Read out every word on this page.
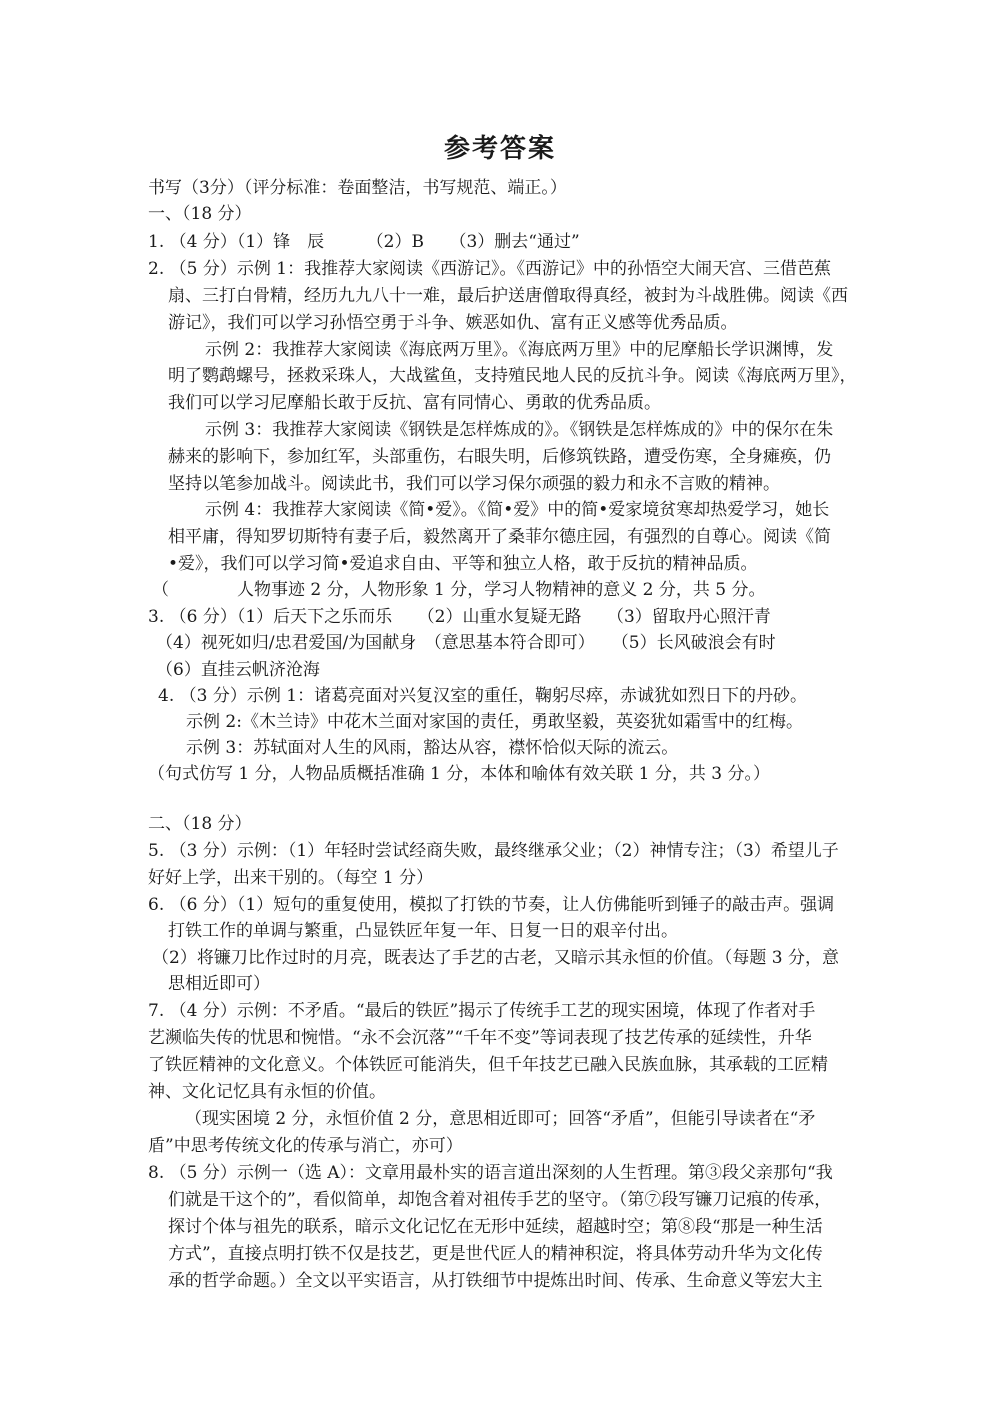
参考答案
书写（3分）（评分标准：卷面整洁，书写规范、端正。）
一、（18 分）
1. （4 分）（1）锋　辰　　　（2）B　　（3）删去“通过”
2. （5 分）示例 1：我推荐大家阅读《西游记》。《西游记》中的孙悟空大闹天宫、三借芭蕉
扇、三打白骨精，经历九九八十一难，最后护送唐僧取得真经，被封为斗战胜佛。阅读《西
游记》，我们可以学习孙悟空勇于斗争、嫉恶如仇、富有正义感等优秀品质。
示例 2：我推荐大家阅读《海底两万里》。《海底两万里》中的尼摩船长学识渊博，发
明了鹦鹉螺号，拯救采珠人，大战鲨鱼，支持殖民地人民的反抗斗争。阅读《海底两万里》，
我们可以学习尼摩船长敢于反抗、富有同情心、勇敢的优秀品质。
示例 3：我推荐大家阅读《钢铁是怎样炼成的》。《钢铁是怎样炼成的》中的保尔在朱
赫来的影响下，参加红军，头部重伤，右眼失明，后修筑铁路，遭受伤寒，全身瘫痪，仍
坚持以笔参加战斗。阅读此书，我们可以学习保尔顽强的毅力和永不言败的精神。
示例 4：我推荐大家阅读《简•爱》。《简•爱》中的简•爱家境贫寒却热爱学习，她长
相平庸，得知罗切斯特有妻子后，毅然离开了桑菲尔德庄园，有强烈的自尊心。阅读《简
•爱》，我们可以学习简•爱追求自由、平等和独立人格，敢于反抗的精神品质。
（　　　　人物事迹 2 分，人物形象 1 分，学习人物精神的意义 2 分，共 5 分。
3. （6 分）（1）后天下之乐而乐　　（2）山重水复疑无路　　（3）留取丹心照汗青
（4）视死如归/忠君爱国/为国献身　（意思基本符合即可）　　（5）长风破浪会有时
（6）直挂云帆济沧海
4. （3 分）示例 1：诸葛亮面对兴复汉室的重任，鞠躬尽瘁，赤诚犹如烈日下的丹砂。
示例 2:《木兰诗》中花木兰面对家国的责任，勇敢坚毅，英姿犹如霜雪中的红梅。
示例 3：苏轼面对人生的风雨，豁达从容，襟怀恰似天际的流云。
（句式仿写 1 分，人物品质概括准确 1 分，本体和喻体有效关联 1 分，共 3 分。）
二、（18 分）
5. （3 分）示例：（1）年轻时尝试经商失败，最终继承父业；（2）神情专注；（3）希望儿子
好好上学，出来干别的。（每空 1 分）
6. （6 分）（1）短句的重复使用，模拟了打铁的节奏，让人仿佛能听到锤子的敲击声。强调
打铁工作的单调与繁重，凸显铁匠年复一年、日复一日的艰辛付出。
（2）将镰刀比作过时的月亮，既表达了手艺的古老，又暗示其永恒的价值。（每题 3 分，意
思相近即可）
7. （4 分）示例：不矛盾。“最后的铁匠”揭示了传统手工艺的现实困境，体现了作者对手
艺濒临失传的忧思和惋惜。“永不会沉落”“千年不变”等词表现了技艺传承的延续性，升华
了铁匠精神的文化意义。个体铁匠可能消失，但千年技艺已融入民族血脉，其承载的工匠精
神、文化记忆具有永恒的价值。
（现实困境 2 分，永恒价值 2 分，意思相近即可；回答“矛盾”，但能引导读者在“矛
盾”中思考传统文化的传承与消亡，亦可）
8. （5 分）示例一（选 A）：文章用最朴实的语言道出深刻的人生哲理。第③段父亲那句“我
们就是干这个的”，看似简单，却饱含着对祖传手艺的坚守。（第⑦段写镰刀记痕的传承，
探讨个体与祖先的联系，暗示文化记忆在无形中延续，超越时空；第⑧段“那是一种生活
方式”，直接点明打铁不仅是技艺，更是世代匠人的精神积淀，将具体劳动升华为文化传
承的哲学命题。）全文以平实语言，从打铁细节中提炼出时间、传承、生命意义等宏大主
